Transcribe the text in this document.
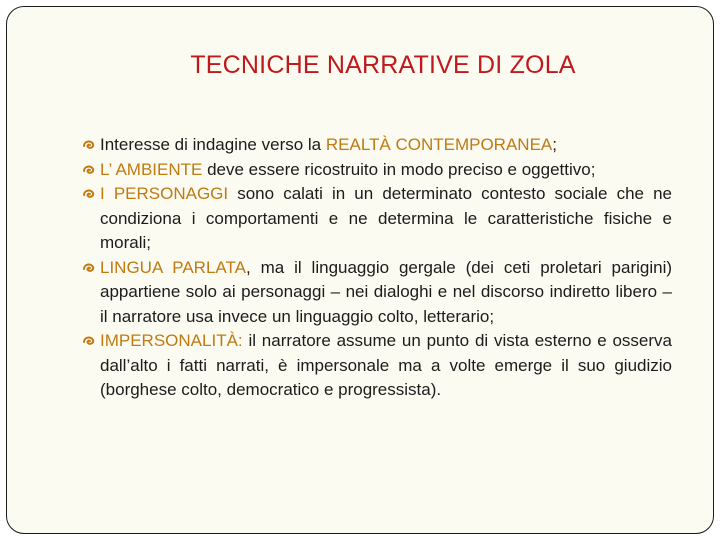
TECNICHE NARRATIVE DI ZOLA
Interesse di indagine verso la REALTÀ CONTEMPORANEA;
L’ AMBIENTE deve essere ricostruito in modo preciso e oggettivo;
I PERSONAGGI sono calati in un determinato contesto sociale che ne condiziona i comportamenti e ne determina le caratteristiche fisiche e morali;
LINGUA PARLATA, ma il linguaggio gergale (dei ceti proletari parigini) appartiene solo ai personaggi – nei dialoghi e nel discorso indiretto libero – il narratore usa invece un linguaggio colto, letterario;
IMPERSONALITÀ: il narratore assume un punto di vista esterno e osserva dall’alto i fatti narrati, è impersonale ma a volte emerge il suo giudizio (borghese colto, democratico e progressista).
